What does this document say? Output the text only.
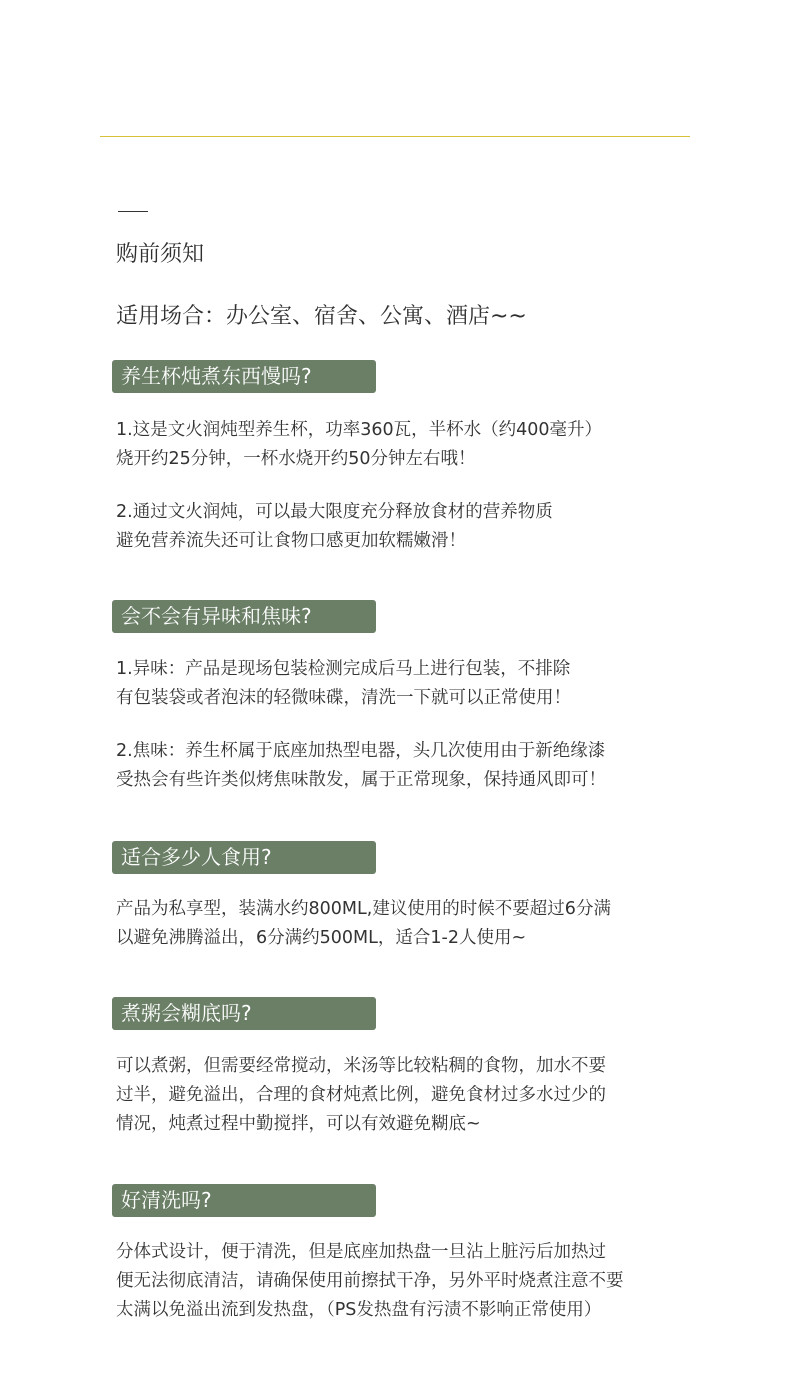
购前须知
适用场合：办公室、宿舍、公寓、酒店~~
养生杯炖煮东西慢吗?
1.这是文火润炖型养生杯，功率360瓦，半杯水（约400毫升）
烧开约25分钟，一杯水烧开约50分钟左右哦！
2.通过文火润炖，可以最大限度充分释放食材的营养物质
避免营养流失还可让食物口感更加软糯嫩滑！
会不会有异味和焦味?
1.异味：产品是现场包装检测完成后马上进行包装，不排除
有包装袋或者泡沫的轻微味碟，清洗一下就可以正常使用！
2.焦味：养生杯属于底座加热型电器，头几次使用由于新绝缘漆
受热会有些许类似烤焦味散发，属于正常现象，保持通风即可！
适合多少人食用?
产品为私享型，装满水约800ML,建议使用的时候不要超过6分满
以避免沸腾溢出，6分满约500ML，适合1-2人使用~
煮粥会糊底吗?
可以煮粥，但需要经常搅动，米汤等比较粘稠的食物，加水不要
过半，避免溢出，合理的食材炖煮比例，避免食材过多水过少的
情况，炖煮过程中勤搅拌，可以有效避免糊底~
好清洗吗?
分体式设计，便于清洗，但是底座加热盘一旦沾上脏污后加热过
便无法彻底清洁，请确保使用前擦拭干净，另外平时烧煮注意不要
太满以免溢出流到发热盘，（PS发热盘有污渍不影响正常使用）
